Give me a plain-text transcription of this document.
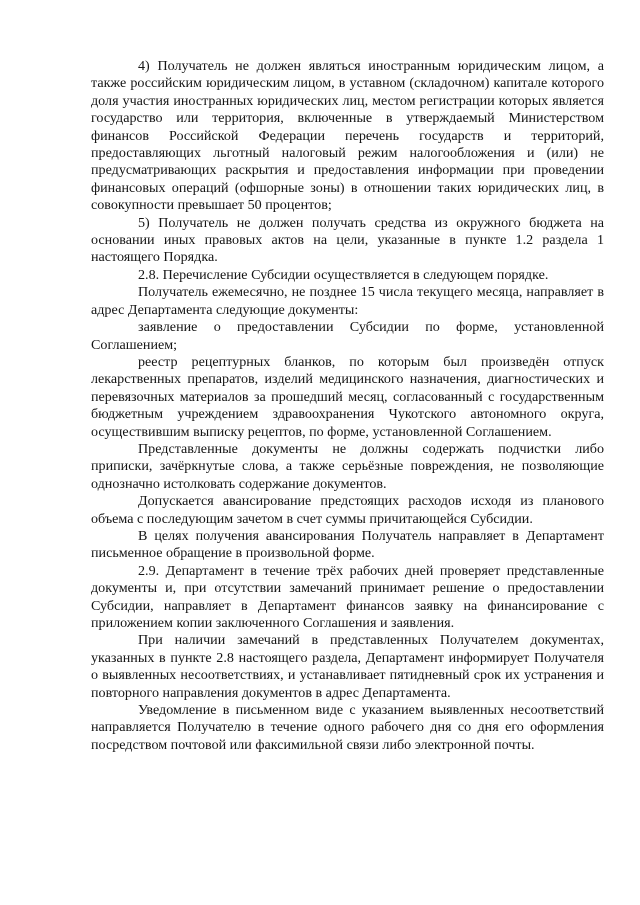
4) Получатель не должен являться иностранным юридическим лицом, а также российским юридическим лицом, в уставном (складочном) капитале которого доля участия иностранных юридических лиц, местом регистрации которых является государство или территория, включенные в утверждаемый Министерством финансов Российской Федерации перечень государств и территорий, предоставляющих льготный налоговый режим налогообложения и (или) не предусматривающих раскрытия и предоставления информации при проведении финансовых операций (офшорные зоны) в отношении таких юридических лиц, в совокупности превышает 50 процентов;

5) Получатель не должен получать средства из окружного бюджета на основании иных правовых актов на цели, указанные в пункте 1.2 раздела 1 настоящего Порядка.

2.8. Перечисление Субсидии осуществляется в следующем порядке.

Получатель ежемесячно, не позднее 15 числа текущего месяца, направляет в адрес Департамента следующие документы:

заявление о предоставлении Субсидии по форме, установленной Соглашением;

реестр рецептурных бланков, по которым был произведён отпуск лекарственных препаратов, изделий медицинского назначения, диагностических и перевязочных материалов за прошедший месяц, согласованный с государственным бюджетным учреждением здравоохранения Чукотского автономного округа, осуществившим выписку рецептов, по форме, установленной Соглашением.

Представленные документы не должны содержать подчистки либо приписки, зачёркнутые слова, а также серьёзные повреждения, не позволяющие однозначно истолковать содержание документов.

Допускается авансирование предстоящих расходов исходя из планового объема с последующим зачетом в счет суммы причитающейся Субсидии.

В целях получения авансирования Получатель направляет в Департамент письменное обращение в произвольной форме.

2.9. Департамент в течение трёх рабочих дней проверяет представленные документы и, при отсутствии замечаний принимает решение о предоставлении Субсидии, направляет в Департамент финансов заявку на финансирование с приложением копии заключенного Соглашения и заявления.

При наличии замечаний в представленных Получателем документах, указанных в пункте 2.8 настоящего раздела, Департамент информирует Получателя о выявленных несоответствиях, и устанавливает пятидневный срок их устранения и повторного направления документов в адрес Департамента.

Уведомление в письменном виде с указанием выявленных несоответствий направляется Получателю в течение одного рабочего дня со дня его оформления посредством почтовой или факсимильной связи либо электронной почты.
